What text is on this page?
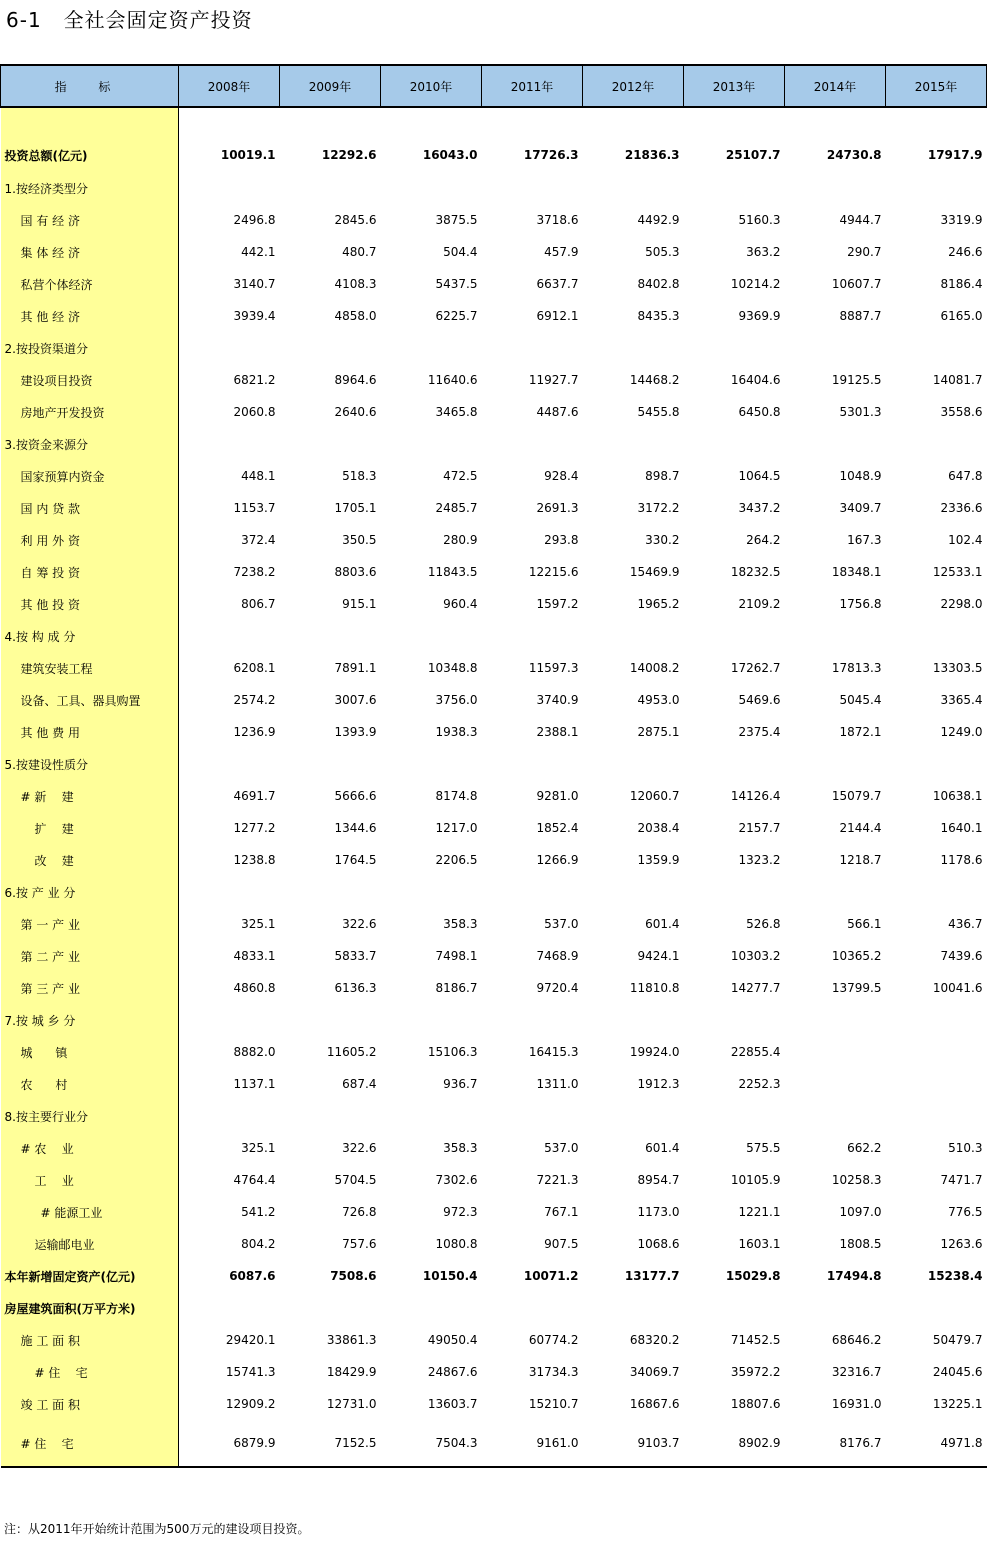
6-1 全社会固定资产投资
指 标	2008年	2009年	2010年	2011年	2012年	2013年	2014年	2015年

投资总额(亿元)	10019.1	12292.6	16043.0	17726.3	21836.3	25107.7	24730.8	17917.9
1.按经济类型分								
国 有 经 济	2496.8	2845.6	3875.5	3718.6	4492.9	5160.3	4944.7	3319.9
集 体 经 济	442.1	480.7	504.4	457.9	505.3	363.2	290.7	246.6
私营个体经济	3140.7	4108.3	5437.5	6637.7	8402.8	10214.2	10607.7	8186.4
其 他 经 济	3939.4	4858.0	6225.7	6912.1	8435.3	9369.9	8887.7	6165.0
2.按投资渠道分								
建设项目投资	6821.2	8964.6	11640.6	11927.7	14468.2	16404.6	19125.5	14081.7
房地产开发投资	2060.8	2640.6	3465.8	4487.6	5455.8	6450.8	5301.3	3558.6
3.按资金来源分								
国家预算内资金	448.1	518.3	472.5	928.4	898.7	1064.5	1048.9	647.8
国 内 贷 款	1153.7	1705.1	2485.7	2691.3	3172.2	3437.2	3409.7	2336.6
利 用 外 资	372.4	350.5	280.9	293.8	330.2	264.2	167.3	102.4
自 筹 投 资	7238.2	8803.6	11843.5	12215.6	15469.9	18232.5	18348.1	12533.1
其 他 投 资	806.7	915.1	960.4	1597.2	1965.2	2109.2	1756.8	2298.0
4.按 构 成 分								
建筑安装工程	6208.1	7891.1	10348.8	11597.3	14008.2	17262.7	17813.3	13303.5
设备、工具、器具购置	2574.2	3007.6	3756.0	3740.9	4953.0	5469.6	5045.4	3365.4
其 他 费 用	1236.9	1393.9	1938.3	2388.1	2875.1	2375.4	1872.1	1249.0
5.按建设性质分								
# 新    建	4691.7	5666.6	8174.8	9281.0	12060.7	14126.4	15079.7	10638.1
扩    建	1277.2	1344.6	1217.0	1852.4	2038.4	2157.7	2144.4	1640.1
改    建	1238.8	1764.5	2206.5	1266.9	1359.9	1323.2	1218.7	1178.6
6.按 产 业 分								
第 一 产 业	325.1	322.6	358.3	537.0	601.4	526.8	566.1	436.7
第 二 产 业	4833.1	5833.7	7498.1	7468.9	9424.1	10303.2	10365.2	7439.6
第 三 产 业	4860.8	6136.3	8186.7	9720.4	11810.8	14277.7	13799.5	10041.6
7.按 城 乡 分								
城      镇	8882.0	11605.2	15106.3	16415.3	19924.0	22855.4		
农      村	1137.1	687.4	936.7	1311.0	1912.3	2252.3		
8.按主要行业分								
# 农    业	325.1	322.6	358.3	537.0	601.4	575.5	662.2	510.3
工    业	4764.4	5704.5	7302.6	7221.3	8954.7	10105.9	10258.3	7471.7
# 能源工业	541.2	726.8	972.3	767.1	1173.0	1221.1	1097.0	776.5
运输邮电业	804.2	757.6	1080.8	907.5	1068.6	1603.1	1808.5	1263.6
本年新增固定资产(亿元)	6087.6	7508.6	10150.4	10071.2	13177.7	15029.8	17494.8	15238.4
房屋建筑面积(万平方米)								
施 工 面 积	29420.1	33861.3	49050.4	60774.2	68320.2	71452.5	68646.2	50479.7
# 住    宅	15741.3	18429.9	24867.6	31734.3	34069.7	35972.2	32316.7	24045.6
竣 工 面 积	12909.2	12731.0	13603.7	15210.7	16867.6	18807.6	16931.0	13225.1
# 住    宅	6879.9	7152.5	7504.3	9161.0	9103.7	8902.9	8176.7	4971.8
注：从2011年开始统计范围为500万元的建设项目投资。
